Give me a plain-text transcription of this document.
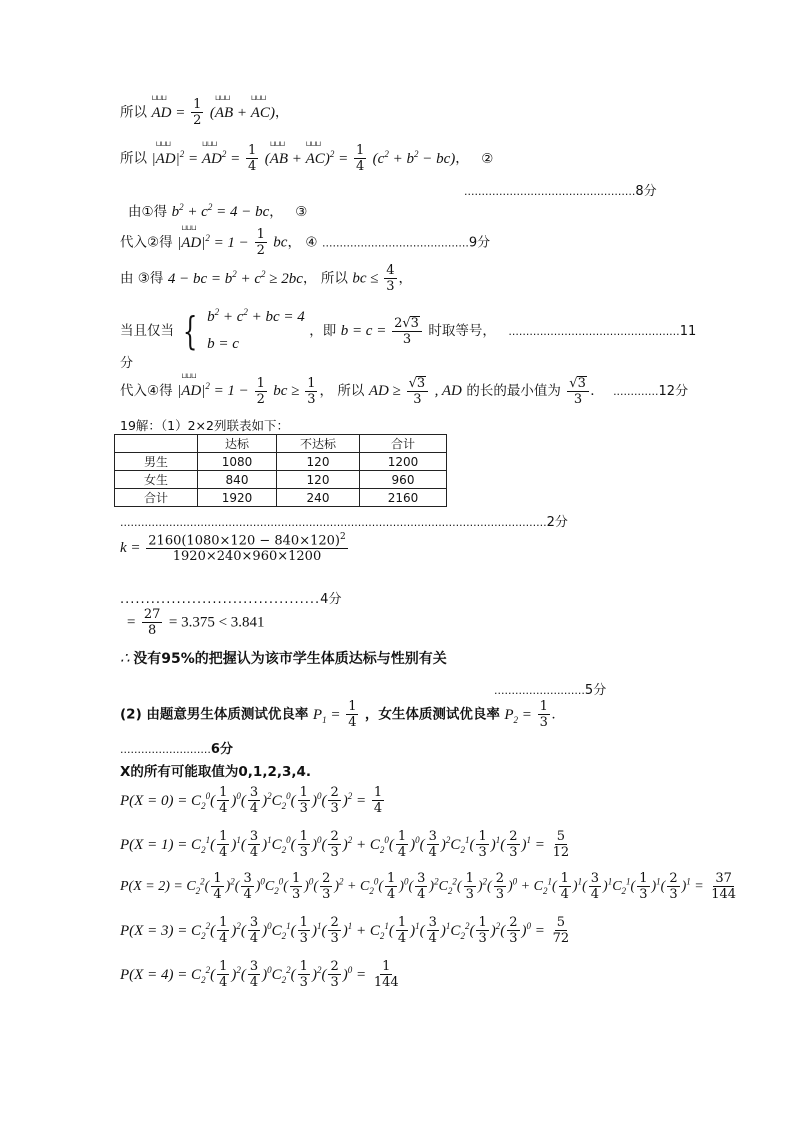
所以 ⊔⊔⊔ AD = $\frac{1}{2}$ (⊔⊔⊔ AB + ⊔⊔⊔ AC)，
所以 |⊔⊔⊔ $AD|^2$ = ⊔⊔⊔ $AD^2 = \frac{1}{4}$ (⊔⊔⊔ AB + ⊔⊔⊔ $AC)^2 = \frac{1}{4} (c^2 + b^2 - bc)$， ②
.................................................8分
由①得 $b^2 + c^2 = 4$ − bc， ③
代入②得 |⊔⊔⊔ $AD|^2 = 1 - \frac{1}{2}$ bc， ④ ..........................................9分
由 ③得 4 − bc = $b^2 + c^2 \ge 2bc$， 所以 bc ≤ $\frac{4}{3}$ ，
当且仅当 { $b^2 + c^2$ + bc = 4
b = c
，即 $b = c = \frac{2√3}{3}$ 时取等号， .................................................11
分
代入④得 |⊔⊔⊔ $AD|^2 = 1 - \frac{1}{2}$ bc ≥ $\frac{1}{3}$ ， 所以 AD ≥ $\frac{√3}{3}$ , AD 的长的最小值为 $\frac{√3}{3}$ . .............12分
19解：（1）2×2列联表如下：
	达标	不达标	合计
男生	1080	120	1200
女生	840	120	960
合计	1920	240	2160
..........................................................................................................................2分
$k = \frac{2160(1080\times 120 - 840\times 120)^2}{1920\times 240\times 960\times 1200}$
.......................................4分
= $\frac{27}{8} = 3.375 < 3.841$
∴ 没有95%的把握认为该市学生体质达标与性别有关
..........................5分
(2) 由题意男生体质测试优良率 $P_1 = \frac{1}{4}$ ，女生体质测试优良率 $P_2 = \frac{1}{3}$ .
..........................6分
X的所有可能取值为0,1,2,3,4.
$P(X = 0) = C_2^0( \frac{1}{4} )^0( \frac{3}{4} )^2C_2^0( \frac{1}{3} )^0( \frac{2}{3} )^2 = \frac{1}{4}$
$P(X = 1) = C_2^1( \frac{1}{4} )^1( \frac{3}{4} )^1C_2^0( \frac{1}{3} )^0( \frac{2}{3} )^2 + C_2^0( \frac{1}{4} )^0( \frac{3}{4} )^2C_2^1( \frac{1}{3} )^1( \frac{2}{3} )^1 = \frac{5}{12}$
$P(X = 2) = C_2^2( \frac{1}{4} )^2( \frac{3}{4} )^0C_2^0( \frac{1}{3} )^0( \frac{2}{3} )^2 + C_2^0( \frac{1}{4} )^0( \frac{3}{4} )^2C_2^2( \frac{1}{3} )^2( \frac{2}{3} )^0 + C_2^1( \frac{1}{4} )^1( \frac{3}{4} )^1C_2^1( \frac{1}{3} )^1( \frac{2}{3} )^1 = \frac{37}{144}$
$P(X = 3) = C_2^2( \frac{1}{4} )^2( \frac{3}{4} )^0C_2^1( \frac{1}{3} )^1( \frac{2}{3} )^1 + C_2^1( \frac{1}{4} )^1( \frac{3}{4} )^1C_2^2( \frac{1}{3} )^2( \frac{2}{3} )^0 = \frac{5}{72}$
$P(X = 4) = C_2^2( \frac{1}{4} )^2( \frac{3}{4} )^0C_2^2( \frac{1}{3} )^2( \frac{2}{3} )^0 = \frac{1}{144}$
